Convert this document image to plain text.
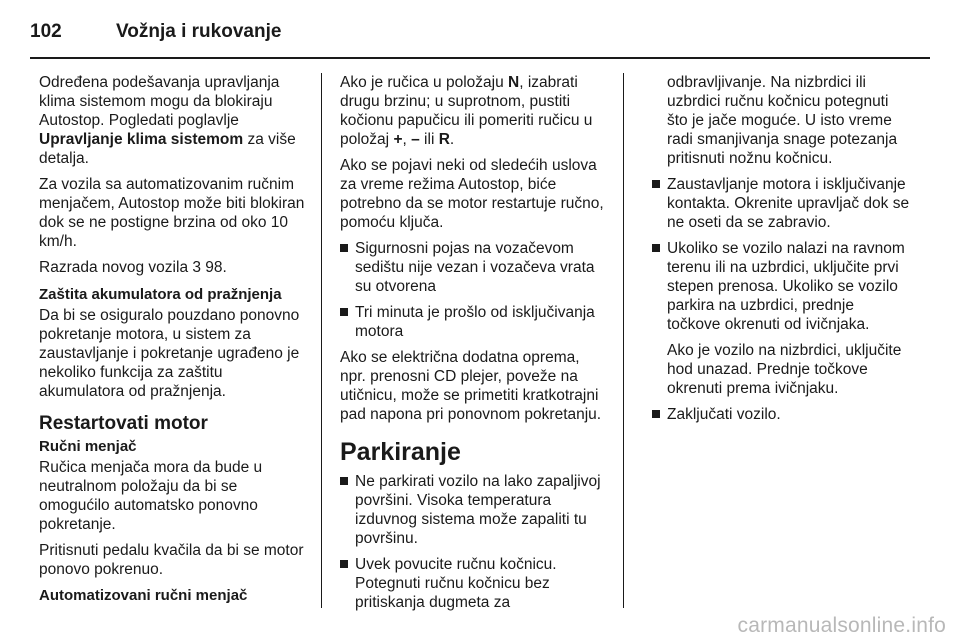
102	Vožnja i rukovanje

Određena podešavanja upravljanja klima sistemom mogu da blokiraju Autostop. Pogledati poglavlje Upravljanje klima sistemom za više detalja.

Za vozila sa automatizovanim ručnim menjačem, Autostop može biti blokiran dok se ne postigne brzina od oko 10 km/h.

Razrada novog vozila 3 98.

Zaštita akumulatora od pražnjenja

Da bi se osiguralo pouzdano ponovno pokretanje motora, u sistem za zaustavljanje i pokretanje ugrađeno je nekoliko funkcija za zaštitu akumulatora od pražnjenja.

Restartovati motor
Ručni menjač

Ručica menjača mora da bude u neutralnom položaju da bi se omogućilo automatsko ponovno pokretanje.

Pritisnuti pedalu kvačila da bi se motor ponovo pokrenuo.

Automatizovani ručni menjač

Ako je ručica u položaju N, izabrati drugu brzinu; u suprotnom, pustiti kočionu papučicu ili pomeriti ručicu u položaj +, – ili R.

Ako se pojavi neki od sledećih uslova za vreme režima Autostop, biće potrebno da se motor restartuje ručno, pomoću ključa.

Sigurnosni pojas na vozačevom sedištu nije vezan i vozačeva vrata su otvorena
Tri minuta je prošlo od isključivanja motora

Ako se električna dodatna oprema, npr. prenosni CD plejer, poveže na utičnicu, može se primetiti kratkotrajni pad napona pri ponovnom pokretanju.

Parkiranje
Ne parkirati vozilo na lako zapaljivoj površini. Visoka temperatura izduvnog sistema može zapaliti tu površinu.
Uvek povucite ručnu kočnicu. Potegnuti ručnu kočnicu bez pritiskanja dugmeta za

odbravljivanje. Na nizbrdici ili uzbrdici ručnu kočnicu potegnuti što je jače moguće. U isto vreme radi smanjivanja snage potezanja pritisnuti nožnu kočnicu.

Zaustavljanje motora i isključivanje kontakta. Okrenite upravljač dok se ne oseti da se zabravio.
Ukoliko se vozilo nalazi na ravnom terenu ili na uzbrdici, uključite prvi stepen prenosa. Ukoliko se vozilo parkira na uzbrdici, prednje točkove okrenuti od ivičnjaka.

Ako je vozilo na nizbrdici, uključite hod unazad. Prednje točkove okrenuti prema ivičnjaku.

Zaključati vozilo.
carmanualsonline.info
